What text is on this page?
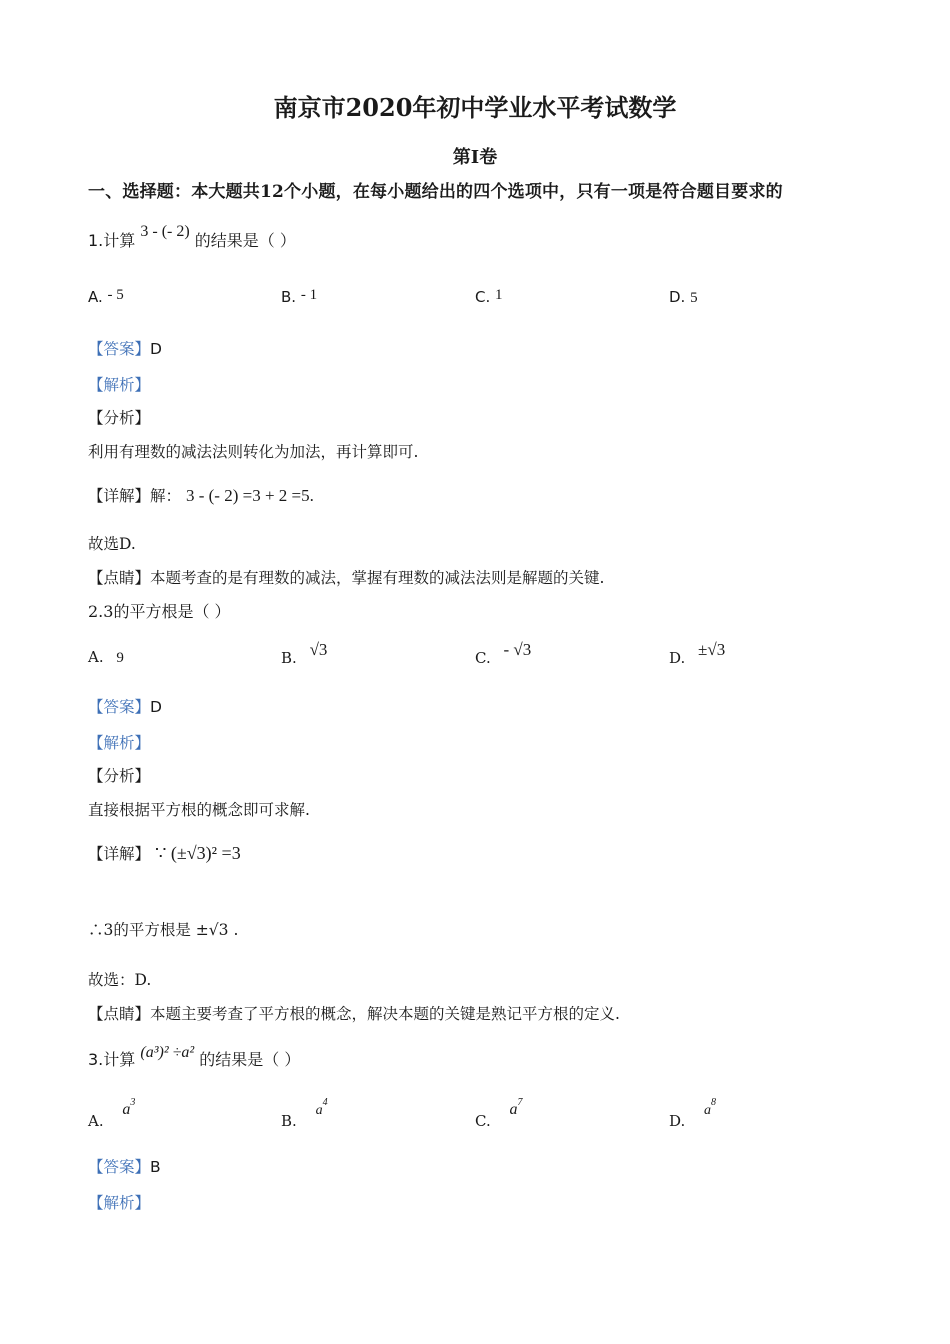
南京市2020年初中学业水平考试数学
第Ⅰ卷
一、选择题：本大题共12个小题，在每小题给出的四个选项中，只有一项是符合题目要求的
1.计算 3 - (- 2) 的结果是（ ）
A. - 5	B. - 1	C. 1	D. 5
【答案】D
【解析】
【分析】
利用有理数的减法法则转化为加法，再计算即可.
【详解】解： 3 - (- 2) =3 + 2 =5.
故选D.
【点睛】本题考查的是有理数的减法，掌握有理数的减法法则是解题的关键.
2.3的平方根是（ ）
A. 9	B. √3	C. - √3	D. ±√3
【答案】D
【解析】
【分析】
直接根据平方根的概念即可求解.
【详解】 ∵ (±√3)² =3
∴3的平方根是 ±√3 .
故选：D.
【点睛】本题主要考查了平方根的概念，解决本题的关键是熟记平方根的定义.
3.计算 (a³)² ÷a² 的结果是（ ）
A. $a^3$
B. $a^4$
C. $a^7$
D. $a^8$
【答案】B
【解析】
